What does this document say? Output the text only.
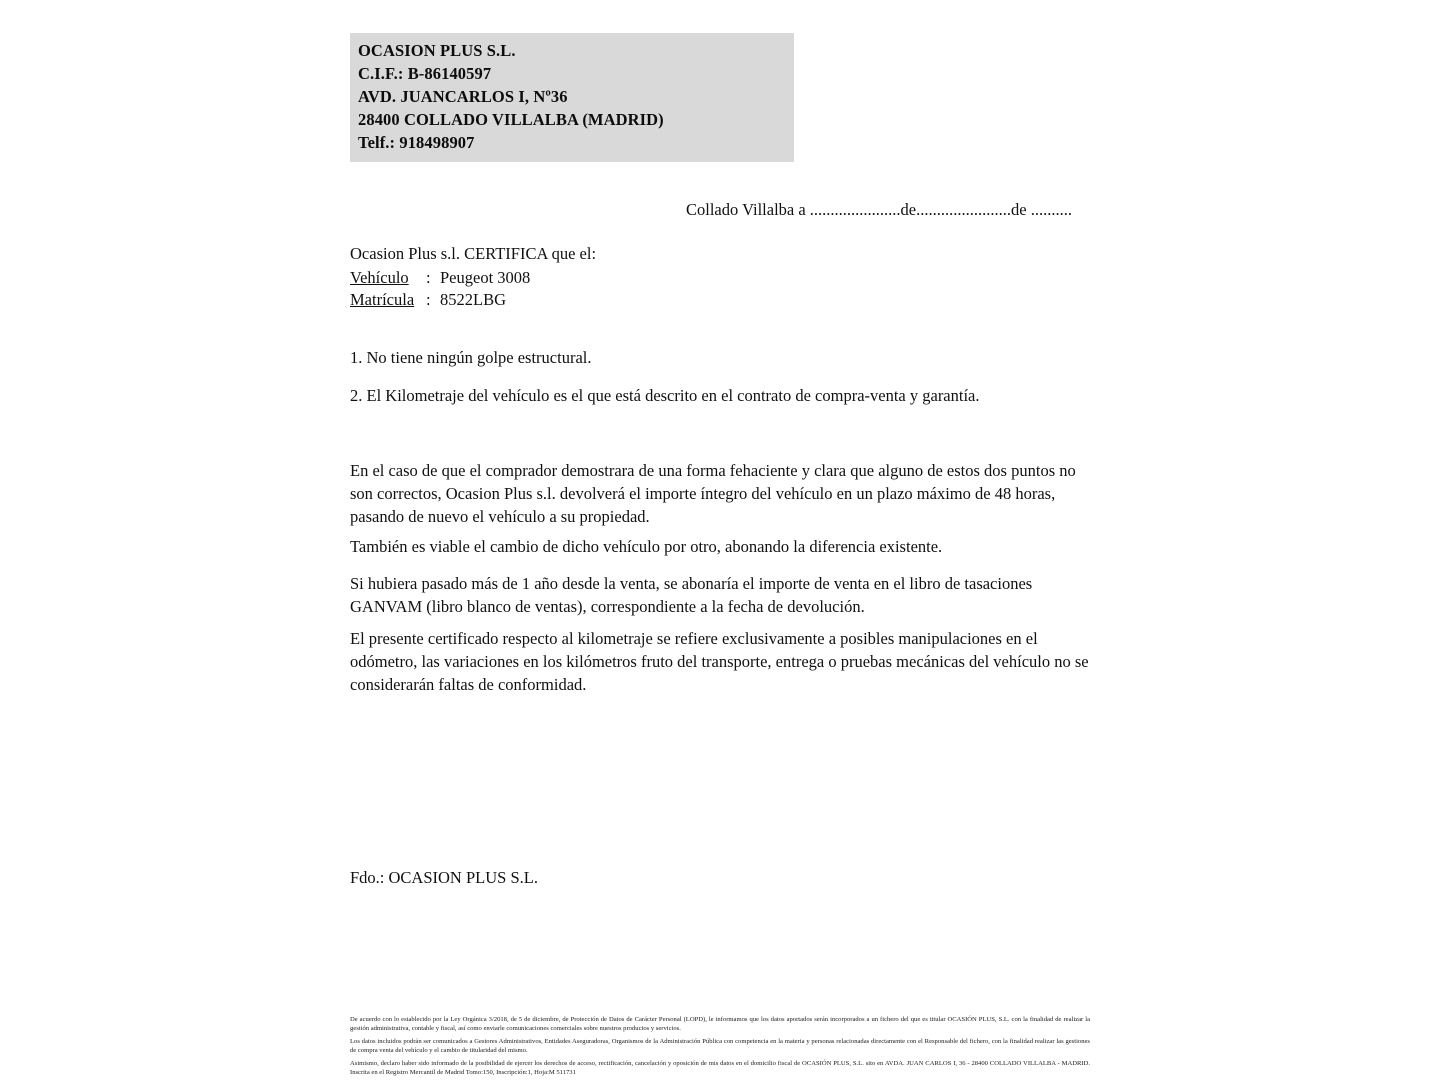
OCASION PLUS S.L.
C.I.F.: B-86140597
AVD. JUANCARLOS I, Nº36
28400 COLLADO VILLALBA (MADRID)
Telf.: 918498907
Collado Villalba a ......................de.......................de ..........
Ocasion Plus s.l. CERTIFICA que el:
Vehículo : Peugeot 3008
Matrícula : 8522LBG
1. No tiene ningún golpe estructural.
2. El Kilometraje del vehículo es el que está descrito en el contrato de compra-venta y garantía.
En el caso de que el comprador demostrara de una forma fehaciente y clara que alguno de estos dos puntos no son correctos, Ocasion Plus s.l. devolverá el importe íntegro del vehículo en un plazo máximo de 48 horas, pasando de nuevo el vehículo a su propiedad.
También es viable el cambio de dicho vehículo por otro, abonando la diferencia existente.
Si hubiera pasado más de 1 año desde la venta, se abonaría el importe de venta en el libro de tasaciones GANVAM (libro blanco de ventas), correspondiente a la fecha de devolución.
El presente certificado respecto al kilometraje se refiere exclusivamente a posibles manipulaciones en el odómetro, las variaciones en los kilómetros fruto del transporte, entrega o pruebas mecánicas del vehículo no se considerarán faltas de conformidad.
Fdo.: OCASION PLUS S.L.

De acuerdo con lo establecido por la Ley Orgánica 3/2018, de 5 de diciembre, de Protección de Datos de Carácter Personal (LOPD), le informamos que los datos aportados serán incorporados a un fichero del que es titular OCASIÓN PLUS, S.L. con la finalidad de realizar la gestión administrativa, contable y fiscal, así como enviarle comunicaciones comerciales sobre nuestros productos y servicios.

Los datos incluidos podrán ser comunicados a Gestores Administrativos, Entidades Aseguradoras, Organismos de la Administración Pública con competencia en la materia y personas relacionadas directamente con el Responsable del fichero, con la finalidad realizar las gestiones de compra venta del vehículo y el cambio de titularidad del mismo.

Asimismo, declaro haber sido informado de la posibilidad de ejercer los derechos de acceso, rectificación, cancelación y oposición de mis datos en el domicilio fiscal de OCASIÓN PLUS, S.L. sito en AVDA. JUAN CARLOS I, 36 - 28400 COLLADO VILLALBA - MADRID. Inscrita en el Registro Mercantil de Madrid Tomo:150, Inscripción:1, Hoja:M 511731
